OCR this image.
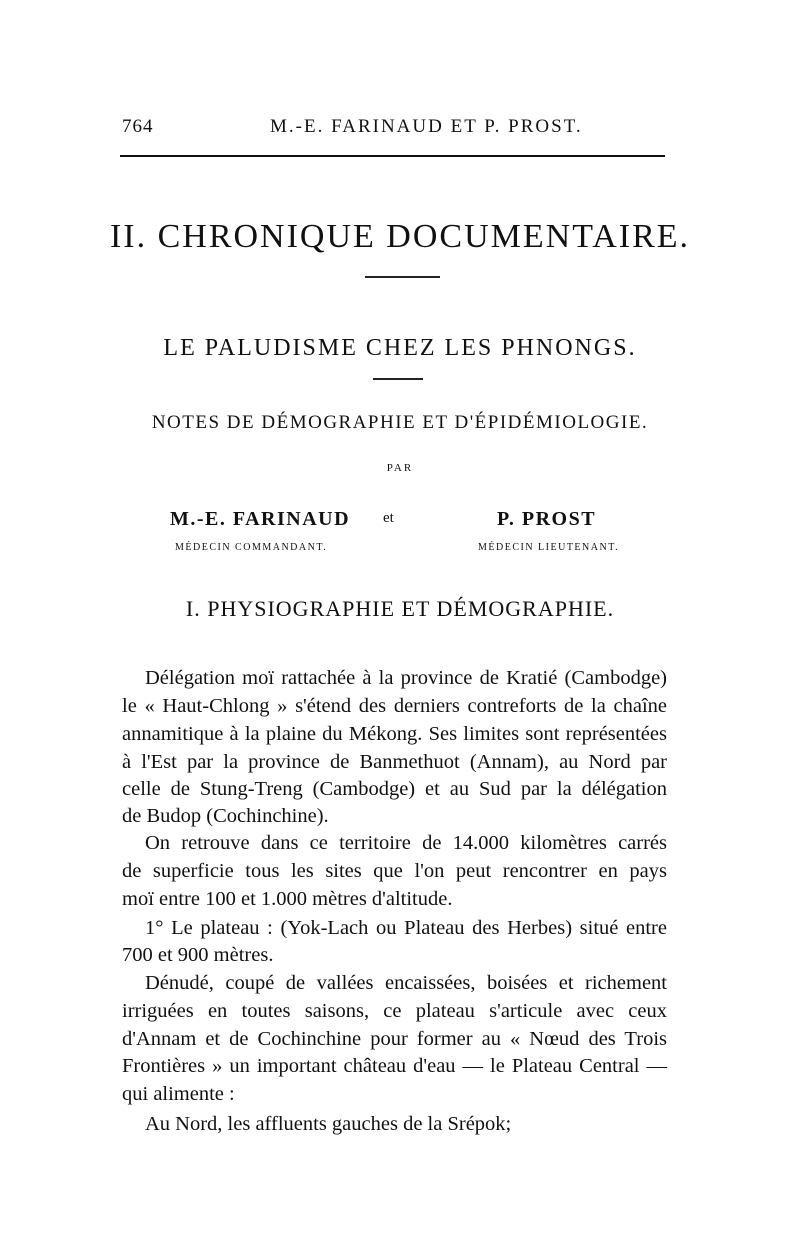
764	M.-E. FARINAUD ET P. PROST.
II. CHRONIQUE DOCUMENTAIRE.
LE PALUDISME CHEZ LES PHNONGS.
NOTES DE DÉMOGRAPHIE ET D'ÉPIDÉMIOLOGIE.
PAR
M.-E. FARINAUD et	P. PROST
MÉDECIN COMMANDANT.	MÉDECIN LIEUTENANT.
I. PHYSIOGRAPHIE ET DÉMOGRAPHIE.
Délégation moï rattachée à la province de Kratié (Cambodge)
le « Haut-Chlong » s'étend des derniers contreforts de la chaîne
annamitique à la plaine du Mékong. Ses limites sont représentées
à l'Est par la province de Banmethuot (Annam), au Nord par
celle de Stung-Treng (Cambodge) et au Sud par la délégation
de Budop (Cochinchine).
On retrouve dans ce territoire de 14.000 kilomètres carrés
de superficie tous les sites que l'on peut rencontrer en pays
moï entre 100 et 1.000 mètres d'altitude.
1° Le plateau : (Yok-Lach ou Plateau des Herbes) situé entre
700 et 900 mètres.
Dénudé, coupé de vallées encaissées, boisées et richement
irriguées en toutes saisons, ce plateau s'articule avec ceux
d'Annam et de Cochinchine pour former au « Nœud des Trois
Frontières » un important château d'eau — le Plateau Central —
qui alimente :
Au Nord, les affluents gauches de la Srépok;
